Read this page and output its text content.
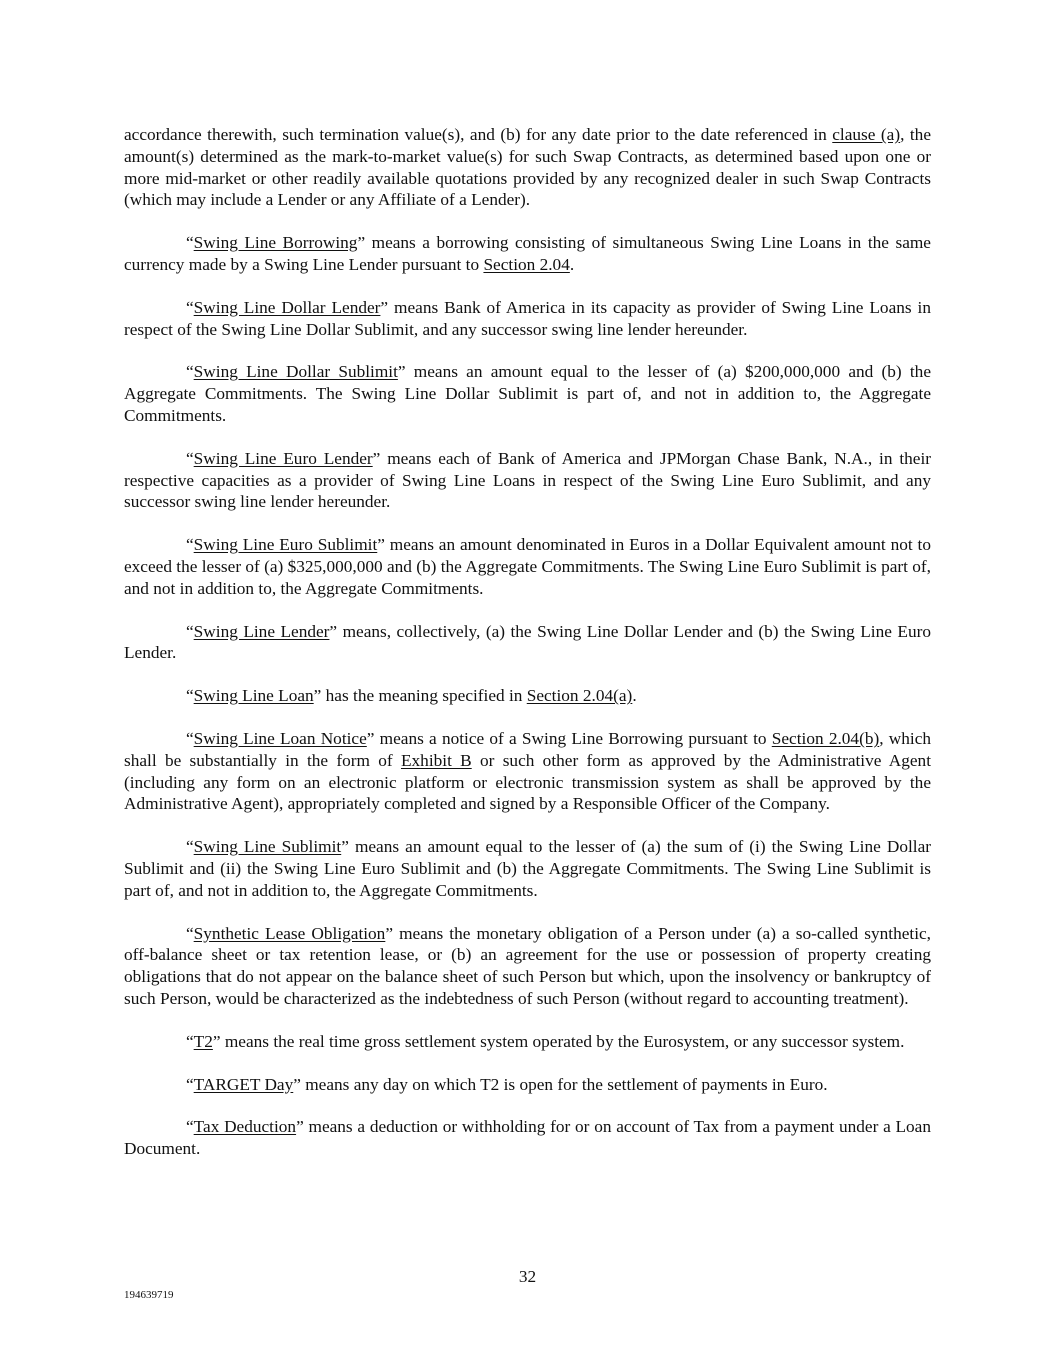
accordance therewith, such termination value(s), and (b) for any date prior to the date referenced in clause (a), the amount(s) determined as the mark-to-market value(s) for such Swap Contracts, as determined based upon one or more mid-market or other readily available quotations provided by any recognized dealer in such Swap Contracts (which may include a Lender or any Affiliate of a Lender).

“Swing Line Borrowing” means a borrowing consisting of simultaneous Swing Line Loans in the same currency made by a Swing Line Lender pursuant to Section 2.04.

“Swing Line Dollar Lender” means Bank of America in its capacity as provider of Swing Line Loans in respect of the Swing Line Dollar Sublimit, and any successor swing line lender hereunder.

“Swing Line Dollar Sublimit” means an amount equal to the lesser of (a) $200,000,000 and (b) the Aggregate Commitments. The Swing Line Dollar Sublimit is part of, and not in addition to, the Aggregate Commitments.

“Swing Line Euro Lender” means each of Bank of America and JPMorgan Chase Bank, N.A., in their respective capacities as a provider of Swing Line Loans in respect of the Swing Line Euro Sublimit, and any successor swing line lender hereunder.

“Swing Line Euro Sublimit” means an amount denominated in Euros in a Dollar Equivalent amount not to exceed the lesser of (a) $325,000,000 and (b) the Aggregate Commitments. The Swing Line Euro Sublimit is part of, and not in addition to, the Aggregate Commitments.

“Swing Line Lender” means, collectively, (a) the Swing Line Dollar Lender and (b) the Swing Line Euro Lender.

“Swing Line Loan” has the meaning specified in Section 2.04(a).

“Swing Line Loan Notice” means a notice of a Swing Line Borrowing pursuant to Section 2.04(b), which shall be substantially in the form of Exhibit B or such other form as approved by the Administrative Agent (including any form on an electronic platform or electronic transmission system as shall be approved by the Administrative Agent), appropriately completed and signed by a Responsible Officer of the Company.

“Swing Line Sublimit” means an amount equal to the lesser of (a) the sum of (i) the Swing Line Dollar Sublimit and (ii) the Swing Line Euro Sublimit and (b) the Aggregate Commitments. The Swing Line Sublimit is part of, and not in addition to, the Aggregate Commitments.

“Synthetic Lease Obligation” means the monetary obligation of a Person under (a) a so-called synthetic, off-balance sheet or tax retention lease, or (b) an agreement for the use or possession of property creating obligations that do not appear on the balance sheet of such Person but which, upon the insolvency or bankruptcy of such Person, would be characterized as the indebtedness of such Person (without regard to accounting treatment).

“T2” means the real time gross settlement system operated by the Eurosystem, or any successor system.

“TARGET Day” means any day on which T2 is open for the settlement of payments in Euro.

“Tax Deduction” means a deduction or withholding for or on account of Tax from a payment under a Loan Document.

32
194639719
